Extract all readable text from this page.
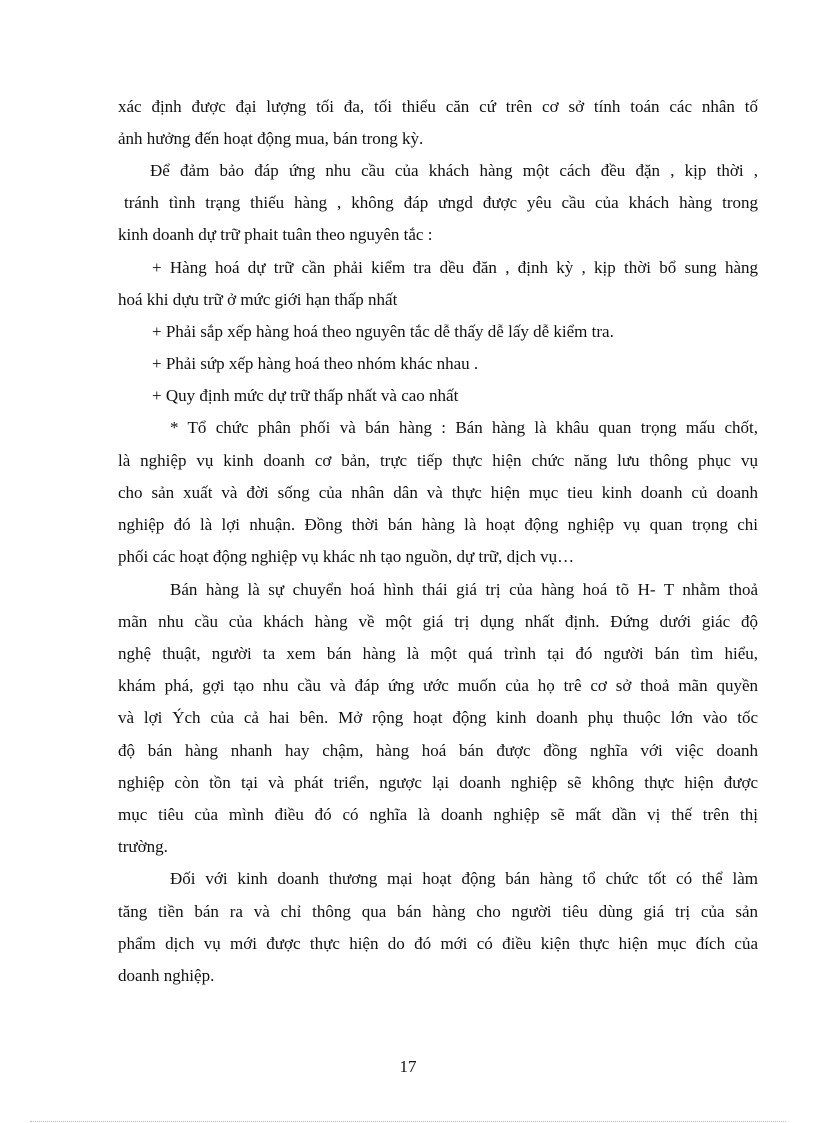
xác định được đại lượng tối đa, tối thiểu căn cứ trên cơ sở tính toán các nhân tố
ảnh hưởng đến hoạt động mua, bán trong kỳ.
Để đảm bảo đáp ứng nhu cầu của khách hàng một cách đều đặn , kịp thời ,
tránh tình trạng thiếu hàng , không đáp ưngd được yêu cầu của khách hàng trong
kinh doanh dự trữ phait tuân theo nguyên tắc :
+ Hàng hoá dự trữ cần phải kiểm tra dều đăn , định kỳ , kịp thời bổ sung hàng
hoá khi dựu trữ ở mức giới hạn thấp nhất
+ Phải sắp xếp hàng hoá theo nguyên tắc dễ thấy dễ lấy dễ kiểm tra.
+ Phải sứp xếp hàng hoá theo nhóm khác nhau .
+ Quy định mức dự trữ thấp nhất và cao nhất
* Tổ chức phân phối và bán hàng : Bán hàng là khâu quan trọng mấu chốt,
là nghiệp vụ kinh doanh cơ bản, trực tiếp thực hiện chức năng lưu thông phục vụ
cho sản xuất và đời sống của nhân dân và thực hiện mục tieu kinh doanh củ doanh
nghiệp đó là lợi nhuận. Đồng thời bán hàng là hoạt động nghiệp vụ quan trọng chi
phối các hoạt động nghiệp vụ khác nh tạo nguồn, dự trữ, dịch vụ…
Bán hàng là sự chuyển hoá hình thái giá trị của hàng hoá tõ H- T nhằm thoả
mãn nhu cầu của khách hàng về một giá trị dụng nhất định. Đứng dưới giác độ
nghệ thuật, người ta xem bán hàng là một quá trình tại đó người bán tìm hiểu,
khám phá, gợi tạo nhu cầu và đáp ứng ước muốn của họ trê cơ sở thoả mãn quyền
và lợi Ých của cả hai bên. Mở rộng hoạt động kinh doanh phụ thuộc lớn vào tốc
độ bán hàng nhanh hay chậm, hàng hoá bán được đồng nghĩa với việc doanh
nghiệp còn tồn tại và phát triển, ngược lại doanh nghiệp sẽ không thực hiện được
mục tiêu của mình điều đó có nghĩa là doanh nghiệp sẽ mất dần vị thế trên thị
trường.
Đối với kinh doanh thương mại hoạt động bán hàng tổ chức tốt có thể làm
tăng tiền bán ra và chỉ thông qua bán hàng cho người tiêu dùng giá trị của sản
phẩm dịch vụ mới được thực hiện do đó mới có điều kiện thực hiện mục đích của
doanh nghiệp.
17
